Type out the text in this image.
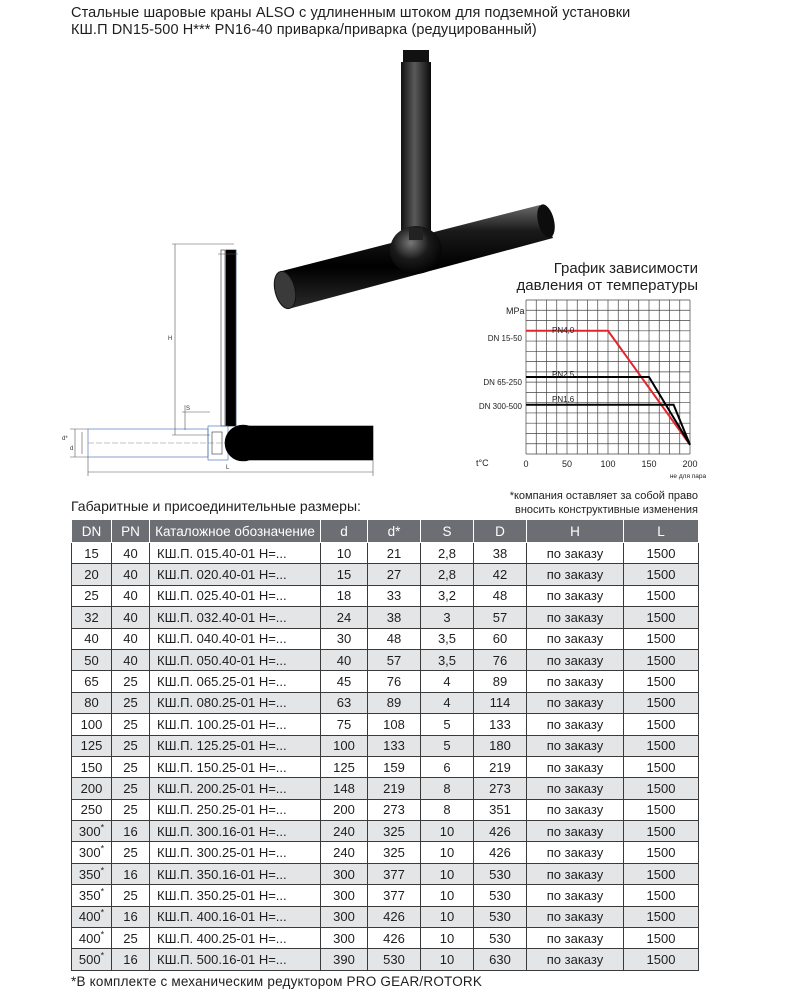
Стальные шаровые краны ALSO с удлиненным штоком для подземной установки
КШ.П DN15-500 Н*** PN16-40 приварка/приварка (редуцированный)
H
d*
d
S
L
График зависимости
давления от температуры
MPa
DN 15-50
DN 65-250
DN 300-500
PN4,0
PN2,5
PN1,6
t°C	0	50	100	150	200
не для пара
*компания оставляет за собой право
вносить конструктивные изменения
Габаритные и присоединительные размеры:
DN	PN	Каталожное обозначение	d	d*	S	D	H	L
15	40	КШ.П. 015.40-01 Н=...	10	21	2,8	38	по заказу	1500
20	40	КШ.П. 020.40-01 Н=...	15	27	2,8	42	по заказу	1500
25	40	КШ.П. 025.40-01 Н=...	18	33	3,2	48	по заказу	1500
32	40	КШ.П. 032.40-01 Н=...	24	38	3	57	по заказу	1500
40	40	КШ.П. 040.40-01 Н=...	30	48	3,5	60	по заказу	1500
50	40	КШ.П. 050.40-01 Н=...	40	57	3,5	76	по заказу	1500
65	25	КШ.П. 065.25-01 Н=...	45	76	4	89	по заказу	1500
80	25	КШ.П. 080.25-01 Н=...	63	89	4	114	по заказу	1500
100	25	КШ.П. 100.25-01 Н=...	75	108	5	133	по заказу	1500
125	25	КШ.П. 125.25-01 Н=...	100	133	5	180	по заказу	1500
150	25	КШ.П. 150.25-01 Н=...	125	159	6	219	по заказу	1500
200	25	КШ.П. 200.25-01 Н=...	148	219	8	273	по заказу	1500
250	25	КШ.П. 250.25-01 Н=...	200	273	8	351	по заказу	1500
300*	16	КШ.П. 300.16-01 Н=...	240	325	10	426	по заказу	1500
300*	25	КШ.П. 300.25-01 Н=...	240	325	10	426	по заказу	1500
350*	16	КШ.П. 350.16-01 Н=...	300	377	10	530	по заказу	1500
350*	25	КШ.П. 350.25-01 Н=...	300	377	10	530	по заказу	1500
400*	16	КШ.П. 400.16-01 Н=...	300	426	10	530	по заказу	1500
400*	25	КШ.П. 400.25-01 Н=...	300	426	10	530	по заказу	1500
500*	16	КШ.П. 500.16-01 Н=...	390	530	10	630	по заказу	1500
*В комплекте с механическим редуктором PRO GEAR/ROTORK
